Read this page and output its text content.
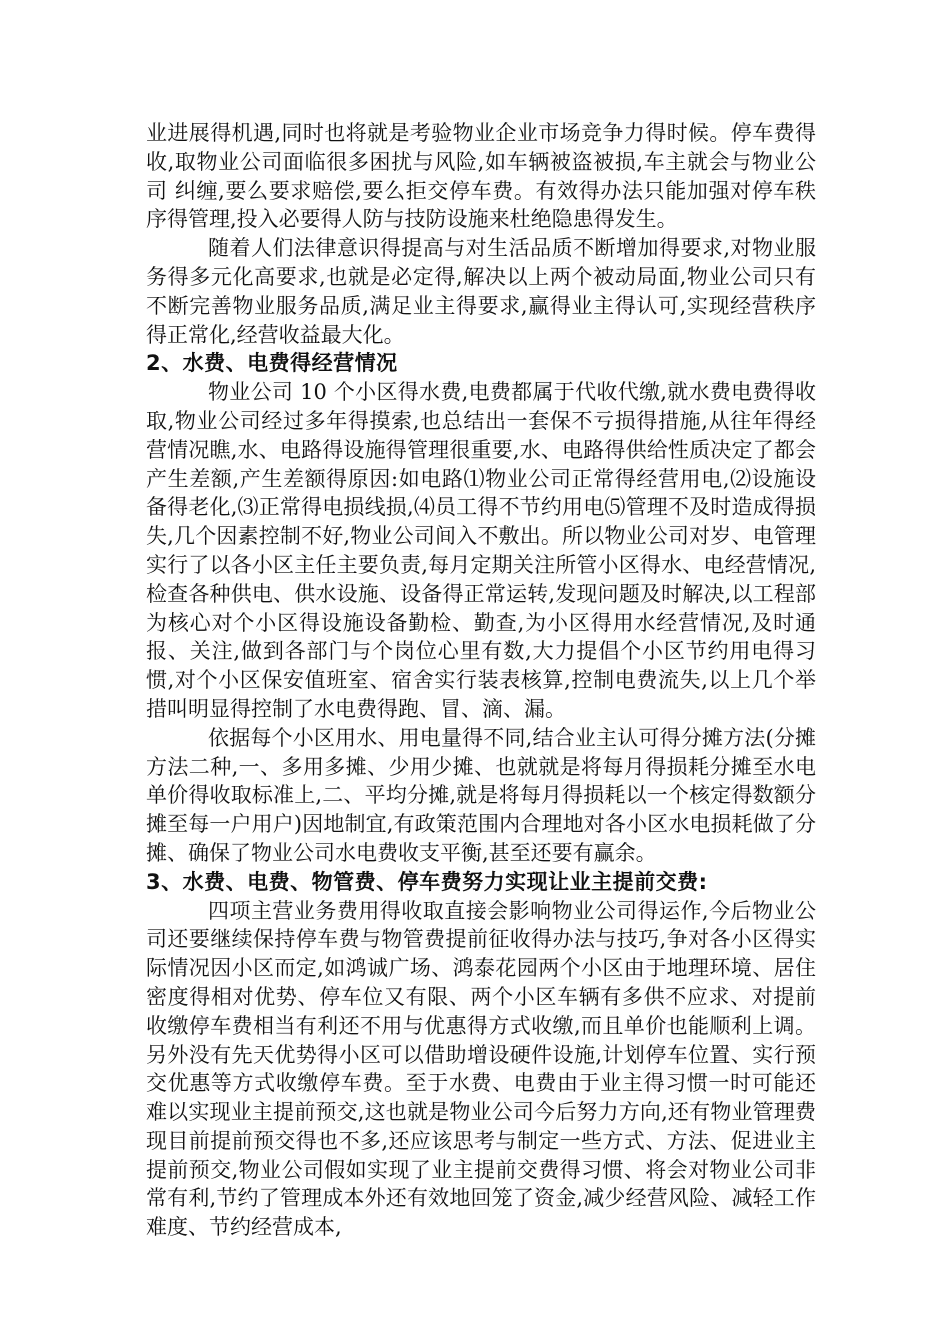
业进展得机遇,同时也将就是考验物业企业市场竞争力得时候。停车费得收,取物业公司面临很多困扰与风险,如车辆被盗被损,车主就会与物业公司 纠缠,要么要求赔偿,要么拒交停车费。有效得办法只能加强对停车秩序得管理,投入必要得人防与技防设施来杜绝隐患得发生。

随着人们法律意识得提高与对生活品质不断增加得要求,对物业服务得多元化高要求,也就是必定得,解决以上两个被动局面,物业公司只有不断完善物业服务品质,满足业主得要求,赢得业主得认可,实现经营秩序得正常化,经营收益最大化。

2、水费、电费得经营情况

物业公司 10 个小区得水费,电费都属于代收代缴,就水费电费得收取,物业公司经过多年得摸索,也总结出一套保不亏损得措施,从往年得经营情况瞧,水、电路得设施得管理很重要,水、电路得供给性质决定了都会产生差额,产生差额得原因:如电路⑴物业公司正常得经营用电,⑵设施设备得老化,⑶正常得电损线损,⑷员工得不节约用电⑸管理不及时造成得损失,几个因素控制不好,物业公司间入不敷出。所以物业公司对岁、电管理实行了以各小区主任主要负责,每月定期关注所管小区得水、电经营情况,检查各种供电、供水设施、设备得正常运转,发现问题及时解决,以工程部为核心对个小区得设施设备勤检、勤查,为小区得用水经营情况,及时通报、关注,做到各部门与个岗位心里有数,大力提倡个小区节约用电得习惯,对个小区保安值班室、宿舍实行装表核算,控制电费流失,以上几个举措叫明显得控制了水电费得跑、冒、滴、漏。

依据每个小区用水、用电量得不同,结合业主认可得分摊方法(分摊方法二种,一、多用多摊、少用少摊、也就就是将每月得损耗分摊至水电单价得收取标准上,二、平均分摊,就是将每月得损耗以一个核定得数额分摊至每一户用户)因地制宜,有政策范围内合理地对各小区水电损耗做了分摊、确保了物业公司水电费收支平衡,甚至还要有赢余。

3、水费、电费、物管费、停车费努力实现让业主提前交费:

四项主营业务费用得收取直接会影响物业公司得运作,今后物业公司还要继续保持停车费与物管费提前征收得办法与技巧,争对各小区得实际情况因小区而定,如鸿诚广场、鸿泰花园两个小区由于地理环境、居住密度得相对优势、停车位又有限、两个小区车辆有多供不应求、对提前收缴停车费相当有利还不用与优惠得方式收缴,而且单价也能顺利上调。另外没有先天优势得小区可以借助增设硬件设施,计划停车位置、实行预交优惠等方式收缴停车费。至于水费、电费由于业主得习惯一时可能还难以实现业主提前预交,这也就是物业公司今后努力方向,还有物业管理费现目前提前预交得也不多,还应该思考与制定一些方式、方法、促进业主提前预交,物业公司假如实现了业主提前交费得习惯、将会对物业公司非常有利,节约了管理成本外还有效地回笼了资金,减少经营风险、减轻工作难度、节约经营成本,
